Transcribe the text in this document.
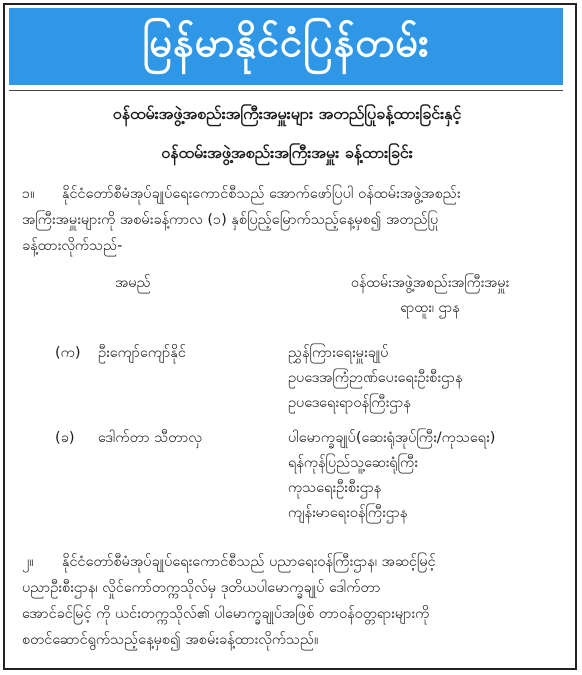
မြန်မာနိုင်ငံပြန်တမ်း
ဝန်ထမ်းအဖွဲ့အစည်းအကြီးအမှူးများ အတည်ပြုခန့်ထားခြင်းနှင့်
ဝန်ထမ်းအဖွဲ့အစည်းအကြီးအမှူး ခန့်ထားခြင်း
၁။ နိုင်ငံတော်စီမံအုပ်ချုပ်ရေးကောင်စီသည် အောက်ဖော်ပြပါ ဝန်ထမ်းအဖွဲ့အစည်း
အကြီးအမှူးများကို အစမ်းခန့်ကာလ (၁) နှစ်ပြည့်မြောက်သည့်နေ့မှစ၍ အတည်ပြု
ခန့်ထားလိုက်သည်-
အမည်	ဝန်ထမ်းအဖွဲ့အစည်းအကြီးအမှူး
ရာထူး၊ ဌာန
(က) ဦးကျော်ကျော်နိုင်	ညွှန်ကြားရေးမှူးချုပ်
ဥပဒေအကြံဉာဏ်ပေးရေးဦးစီးဌာန
ဥပဒေရေးရာဝန်ကြီးဌာန
(ခ) ဒေါက်တာ သီတာလှ	ပါမောက္ခချုပ်(ဆေးရုံအုပ်ကြီး/ကုသရေး)
ရန်ကုန်ပြည်သူ့ဆေးရုံကြီး
ကုသရေးဦးစီးဌာန
ကျန်းမာရေးဝန်ကြီးဌာန
၂။ နိုင်ငံတော်စီမံအုပ်ချုပ်ရေးကောင်စီသည် ပညာရေးဝန်ကြီးဌာန၊ အဆင့်မြင့်
ပညာဦးစီးဌာန၊ လှိုင်ကော်တက္ကသိုလ်မှ ဒုတိယပါမောက္ခချုပ် ဒေါက်တာ
အောင်ခင်မြင့် ကို ယင်းတက္ကသိုလ်၏ ပါမောက္ခချုပ်အဖြစ် တာဝန်ဝတ္တရားများကို
စတင်ဆောင်ရွက်သည့်နေ့မှစ၍ အစမ်းခန့်ထားလိုက်သည်။
